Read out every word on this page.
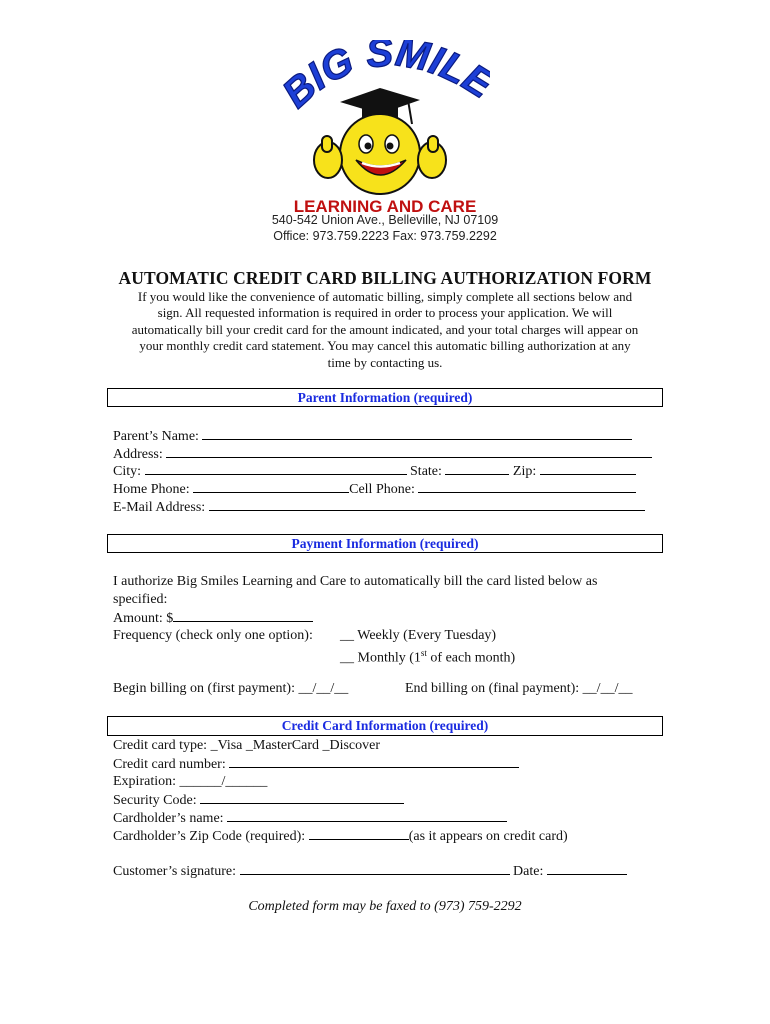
IG SMIL
LEARNING AND CARE
540-542 Union Ave., Belleville, NJ 07109
Office: 973.759.2223 Fax: 973.759.2292
AUTOMATIC CREDIT CARD BILLING AUTHORIZATION FORM
If you would like the convenience of automatic billing, simply complete all sections below and
sign. All requested information is required in order to process your application. We will
automatically bill your credit card for the amount indicated, and your total charges will appear on
your monthly credit card statement. You may cancel this automatic billing authorization at any
time by contacting us.
Parent Information (required)
Parent’s Name:
Address:
City:	State:	Zip:
Home Phone:	Cell Phone:
E-Mail Address:
Payment Information (required)
I authorize Big Smiles Learning and Care to automatically bill the card listed below as
specified:
Amount: $
Frequency (check only one option): __ Weekly (Every Tuesday)
__ Monthly (1st of each month)
Begin billing on (first payment): __/__/__	End billing on (final payment): __/__/__
Credit Card Information (required)
Credit card type: _Visa _MasterCard _Discover
Credit card number:
Expiration: ______/______
Security Code:
Cardholder’s name:
Cardholder’s Zip Code (required):	(as it appears on credit card)
Customer’s signature:	Date:
Completed form may be faxed to (973) 759-2292
